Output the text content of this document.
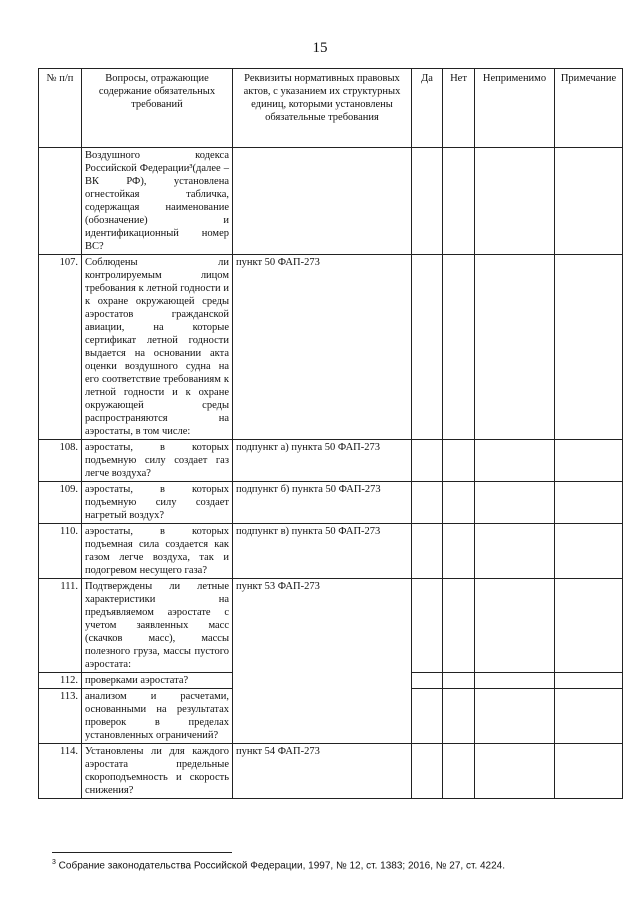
15
№ п/п	Вопросы, отражающие содержание обязательных требований	Реквизиты нормативных правовых актов, с указанием их структурных единиц, которыми установлены обязательные требования	Да	Нет	Неприменимо	Примечание
	Воздушного кодекса Российской Федерации³(далее – ВК РФ), установлена огнестойкая табличка, содержащая наименование (обозначение) и идентификационный номер ВС?					
107.	Соблюдены ли контролируемым лицом требования к летной годности и к охране окружающей среды аэростатов гражданской авиации, на которые сертификат летной годности выдается на основании акта оценки воздушного судна на его соответствие требованиям к летной годности и к охране окружающей среды распространяются на аэростаты, в том числе:	пункт 50 ФАП-273				
108.	аэростаты, в которых подъемную силу создает газ легче воздуха?	подпункт а) пункта 50 ФАП-273				
109.	аэростаты, в которых подъемную силу создает нагретый воздух?	подпункт б) пункта 50 ФАП-273				
110.	аэростаты, в которых подъемная сила создается как газом легче воздуха, так и подогревом несущего газа?	подпункт в) пункта 50 ФАП-273				
111.	Подтверждены ли летные характеристики на предъявляемом аэростате с учетом заявленных масс (скачков масс), массы полезного груза, массы пустого аэростата:	пункт 53 ФАП-273				
112.	проверками аэростата?					
113.	анализом и расчетами, основанными на результатах проверок в пределах установленных ограничений?					
114.	Установлены ли для каждого аэростата предельные скороподъемность и скорость снижения?	пункт 54 ФАП-273				
$^3$ Собрание законодательства Российской Федерации, 1997, № 12, ст. 1383; 2016, № 27, ст. 4224.
